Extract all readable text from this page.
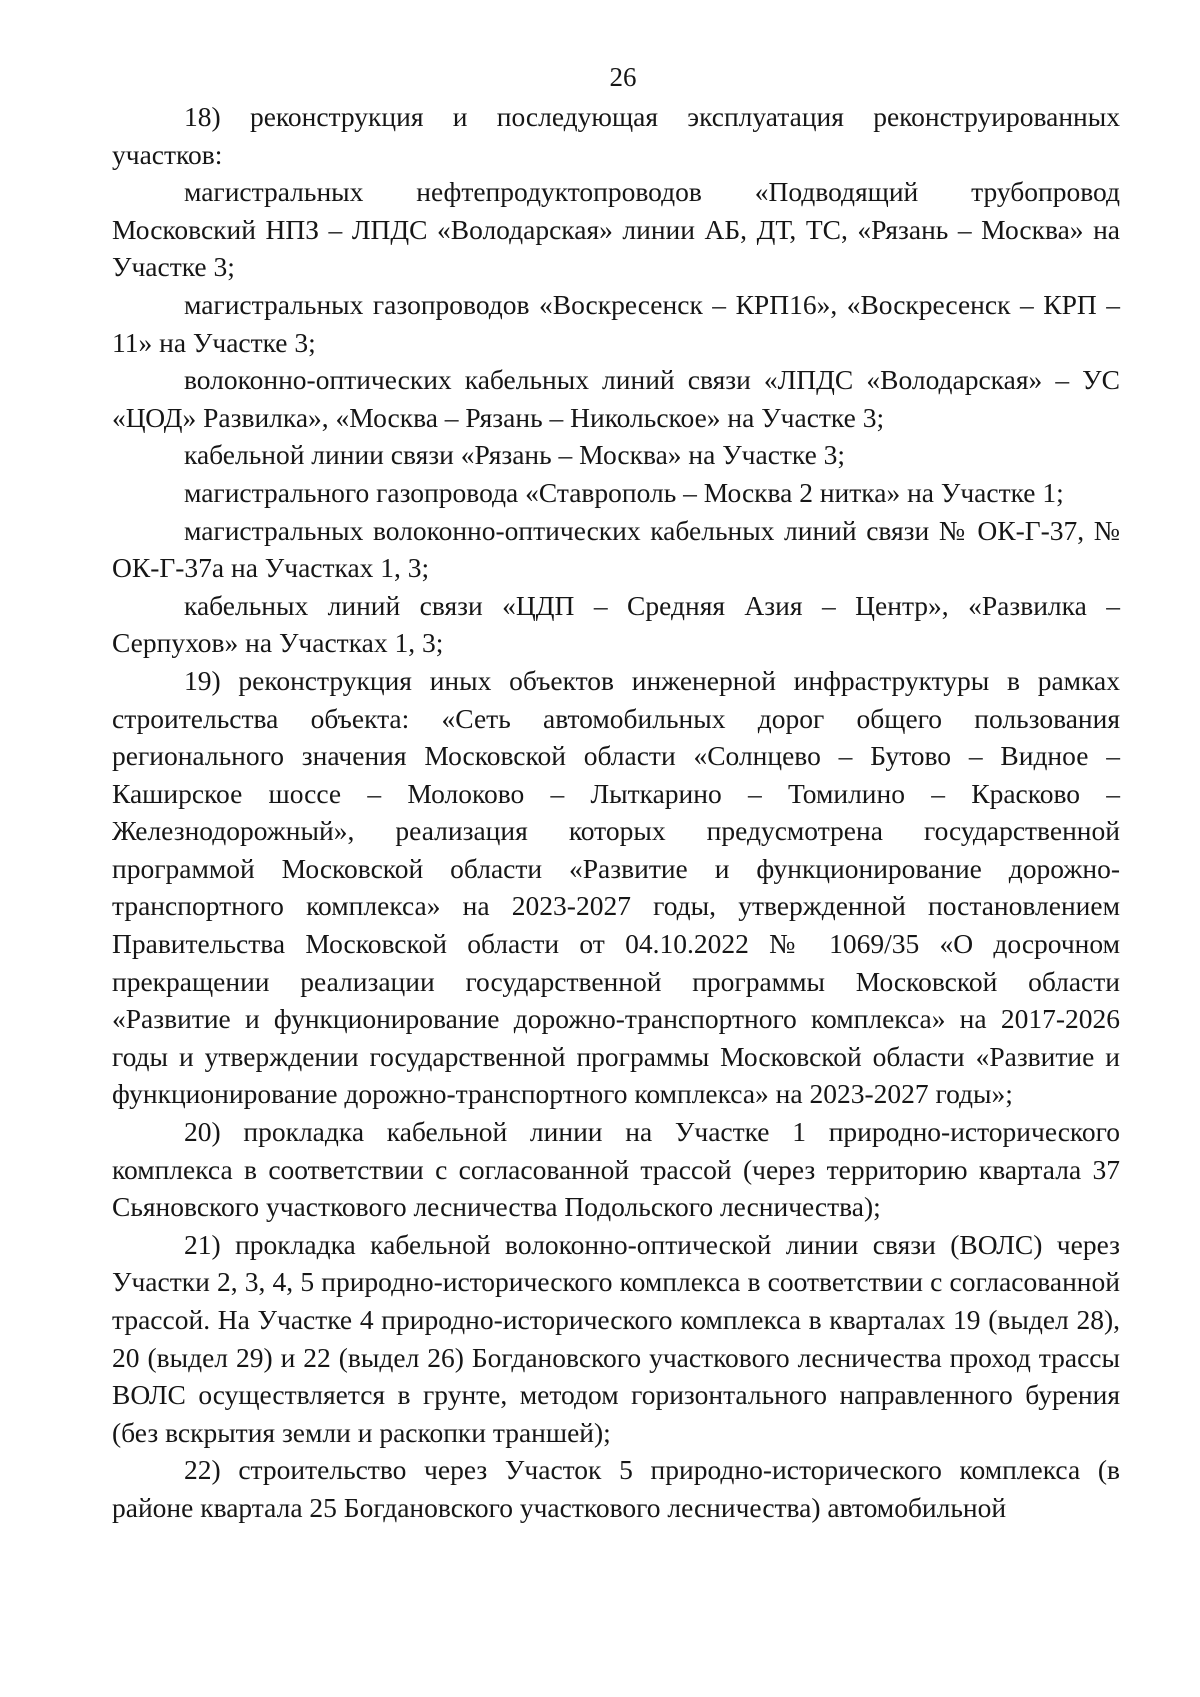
26

18) реконструкция и последующая эксплуатация реконструированных участков:

магистральных нефтепродуктопроводов «Подводящий трубопровод Московский НПЗ – ЛПДС «Володарская» линии АБ, ДТ, ТС, «Рязань – Москва» на Участке 3;

магистральных газопроводов «Воскресенск – КРП16», «Воскресенск – КРП – 11» на Участке 3;

волоконно-оптических кабельных линий связи «ЛПДС «Володарская» – УС «ЦОД» Развилка», «Москва – Рязань – Никольское» на Участке 3;

кабельной линии связи «Рязань – Москва» на Участке 3;

магистрального газопровода «Ставрополь – Москва 2 нитка» на Участке 1;

магистральных волоконно-оптических кабельных линий связи № ОК-Г-37, № ОК-Г-37а на Участках 1, 3;

кабельных линий связи «ЦДП – Средняя Азия – Центр», «Развилка – Серпухов» на Участках 1, 3;

19) реконструкция иных объектов инженерной инфраструктуры в рамках строительства объекта: «Сеть автомобильных дорог общего пользования регионального значения Московской области «Солнцево – Бутово – Видное – Каширское шоссе – Молоково – Лыткарино – Томилино – Красково – Железнодорожный», реализация которых предусмотрена государственной программой Московской области «Развитие и функционирование дорожно-транспортного комплекса» на 2023-2027 годы, утвержденной постановлением Правительства Московской области от 04.10.2022 № 1069/35 «О досрочном прекращении реализации государственной программы Московской области «Развитие и функционирование дорожно-транспортного комплекса» на 2017-2026 годы и утверждении государственной программы Московской области «Развитие и функционирование дорожно-транспортного комплекса» на 2023-2027 годы»;

20) прокладка кабельной линии на Участке 1 природно-исторического комплекса в соответствии с согласованной трассой (через территорию квартала 37 Сьяновского участкового лесничества Подольского лесничества);

21) прокладка кабельной волоконно-оптической линии связи (ВОЛС) через Участки 2, 3, 4, 5 природно-исторического комплекса в соответствии с согласованной трассой. На Участке 4 природно-исторического комплекса в кварталах 19 (выдел 28), 20 (выдел 29) и 22 (выдел 26) Богдановского участкового лесничества проход трассы ВОЛС осуществляется в грунте, методом горизонтального направленного бурения (без вскрытия земли и раскопки траншей);

22) строительство через Участок 5 природно-исторического комплекса (в районе квартала 25 Богдановского участкового лесничества) автомобильной
